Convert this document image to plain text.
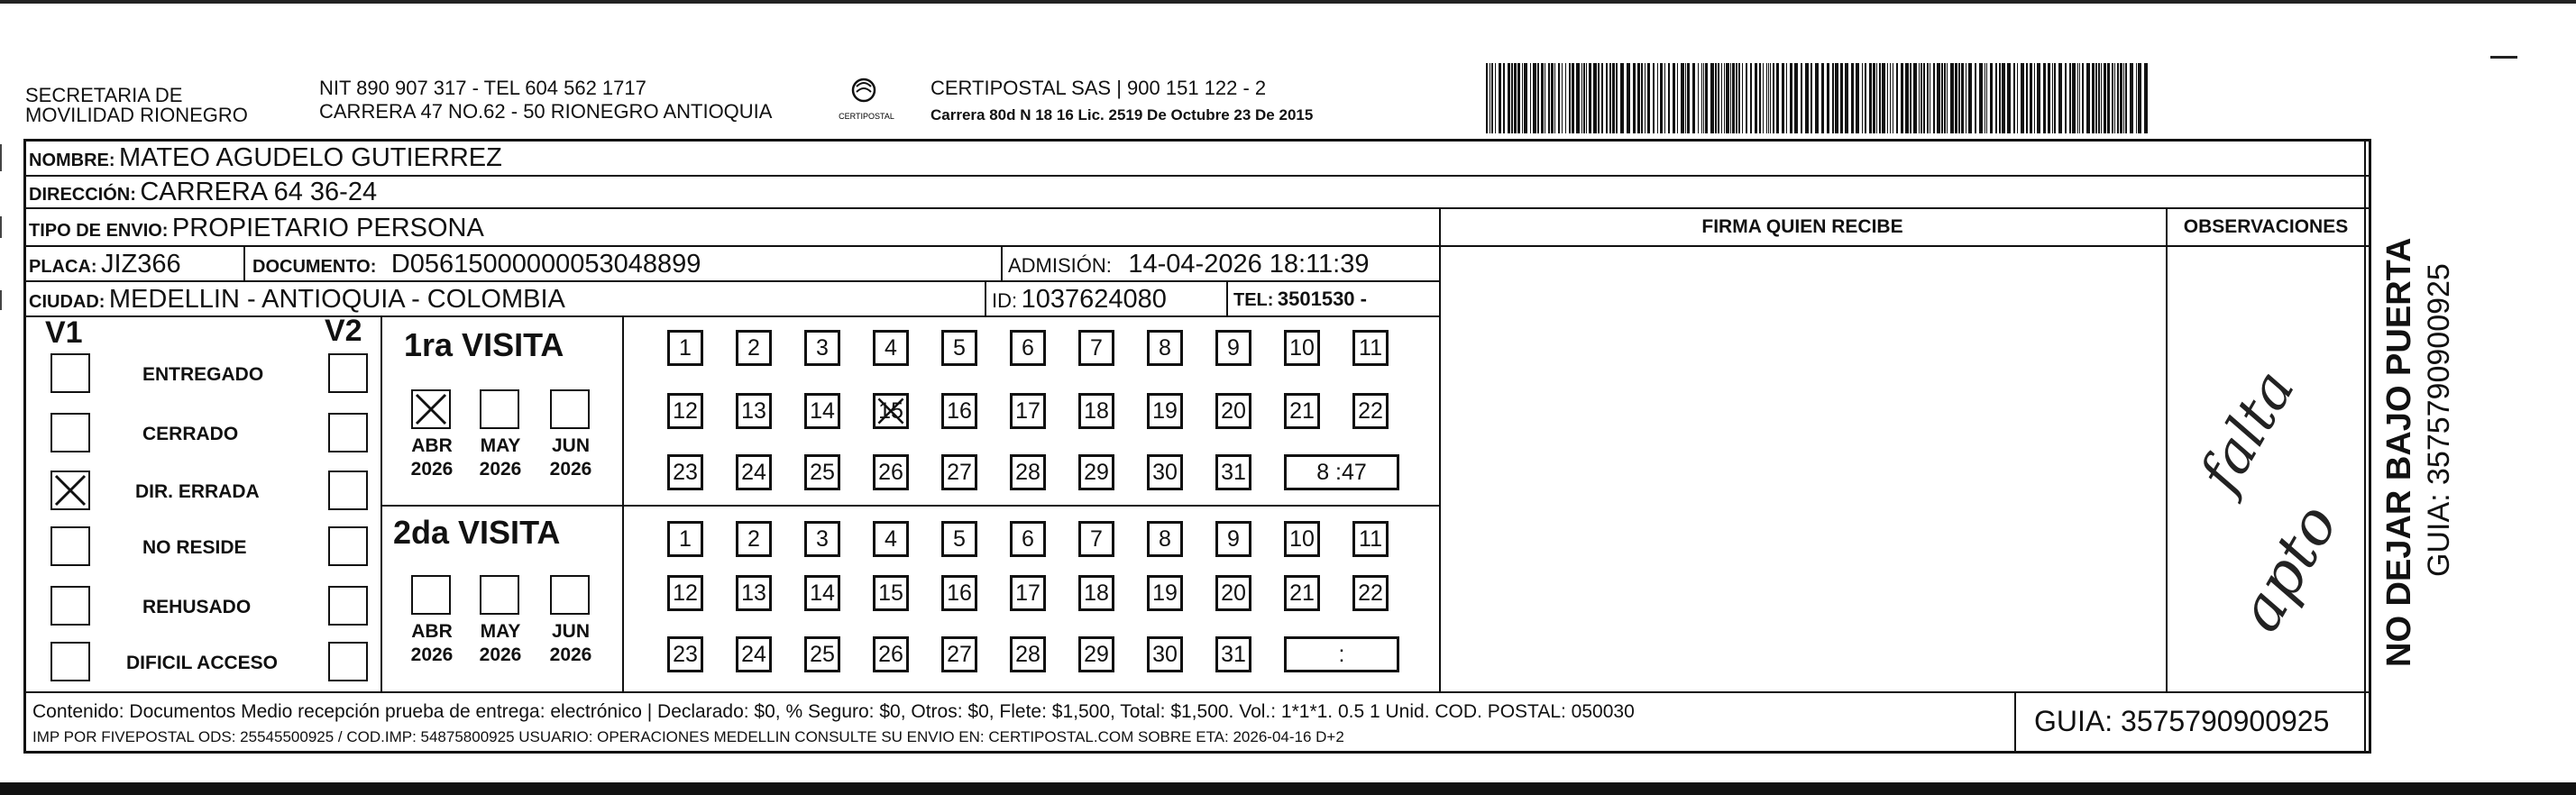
SECRETARIA DE
MOVILIDAD RIONEGRO
NIT 890 907 317 - TEL 604 562 1717
CARRERA 47 NO.62 - 50 RIONEGRO ANTIOQUIA	CERTIPOSTAL
CERTIPOSTAL SAS | 900 151 122 - 2
Carrera 80d N 18 16 Lic. 2519 De Octubre 23 De 2015
NOMBRE: MATEO AGUDELO GUTIERREZ
DIRECCIÓN: CARRERA 64 36-24
TIPO DE ENVIO: PROPIETARIO PERSONA
PLACA: JIZ366	DOCUMENTO: D05615000000053048899	ADMISIÓN: 14-04-2026 18:11:39
CIUDAD: MEDELLIN - ANTIOQUIA - COLOMBIA	ID: 1037624080	TEL: 3501530 -
FIRMA QUIEN RECIBE	OBSERVACIONES
V1	V2
ENTREGADO
CERRADO
DIR. ERRADA
NO RESIDE
REHUSADO
DIFICIL ACCESO
1ra VISITA
2da VISITA
ABR
2026
MAY
2026
JUN
2026
ABR
2026
MAY
2026
JUN
2026
1	2	3	4	5	6	7	8	9	10 11
12 13 14 15 16 17 18 19 20 21 22
23 24 25 26 27 28 29 30 31	8 :47
1	2	3	4	5	6	7	8	9	10 11
12 13 14 15 16 17 18 19 20 21 22
23 24 25 26 27 28 29 30 31	:
falta
apto
Contenido: Documentos Medio recepción prueba de entrega: electrónico | Declarado: $0, % Seguro: $0, Otros: $0, Flete: $1,500, Total: $1,500. Vol.: 1*1*1. 0.5 1 Unid. COD. POSTAL: 050030
IMP POR FIVEPOSTAL ODS: 25545500925 / COD.IMP: 54875800925 USUARIO: OPERACIONES MEDELLIN CONSULTE SU ENVIO EN: CERTIPOSTAL.COM SOBRE ETA: 2026-04-16 D+2	GUIA: 3575790900925
NO DEJAR BAJO PUERTA GUIA: 3575790900925
